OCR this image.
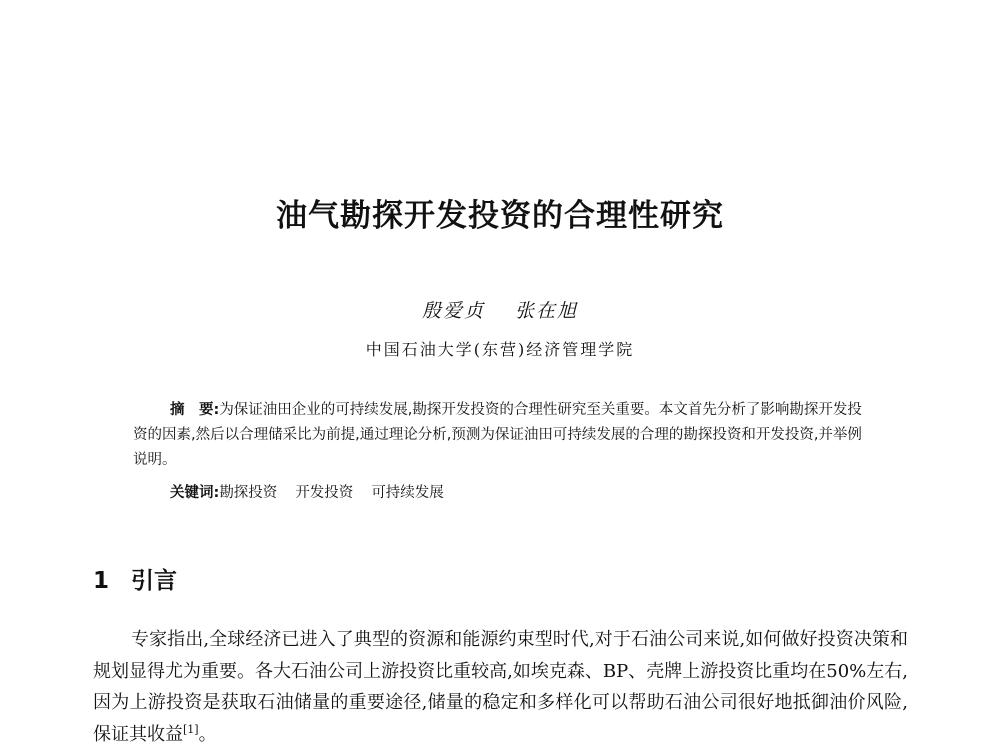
油气勘探开发投资的合理性研究
殷爱贞 张在旭
中国石油大学(东营)经济管理学院

摘　要:为保证油田企业的可持续发展,勘探开发投资的合理性研究至关重要。本文首先分析了影响勘探开发投资的因素,然后以合理储采比为前提,通过理论分析,预测为保证油田可持续发展的合理的勘探投资和开发投资,并举例说明。

关键词:勘探投资 开发投资 可持续发展
1 引言

专家指出,全球经济已进入了典型的资源和能源约束型时代,对于石油公司来说,如何做好投资决策和规划显得尤为重要。各大石油公司上游投资比重较高,如埃克森、BP、壳牌上游投资比重均在50%左右,因为上游投资是获取石油储量的重要途径,储量的稳定和多样化可以帮助石油公司很好地抵御油价风险,保证其收益[1]。
